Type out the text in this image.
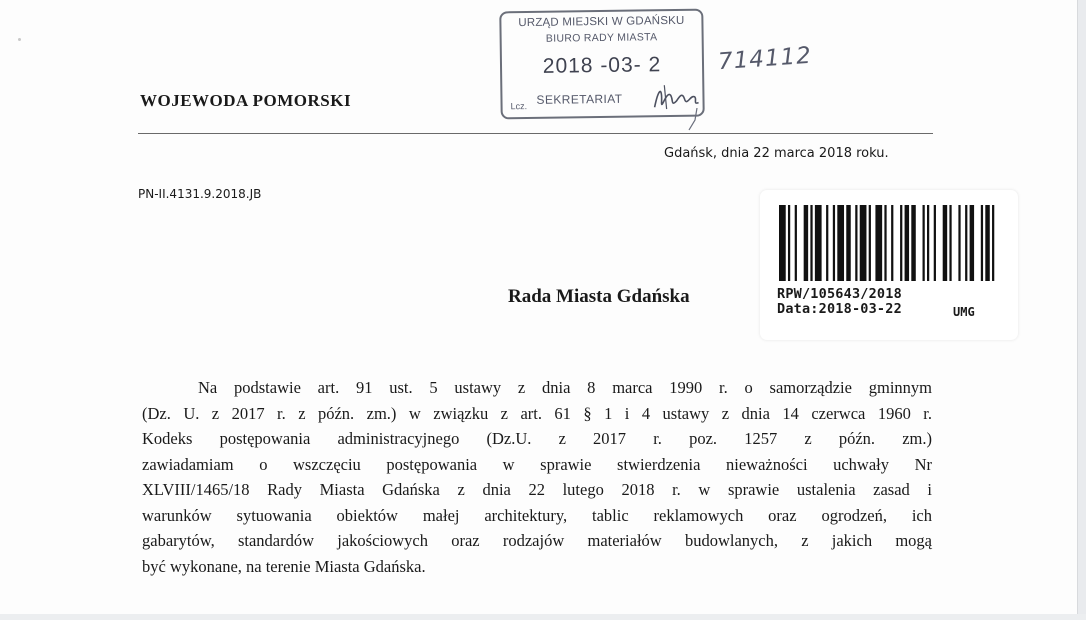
URZĄD MIEJSKI W GDAŃSKU
BIURO RADY MIASTA
2018 -03- 2
Lcz. SEKRETARIAT
714112
WOJEWODA POMORSKI
Gdańsk, dnia 22 marca 2018 roku.
PN-II.4131.9.2018.JB
RPW/105643/2018
Data:2018-03-22	UMG
Rada Miasta Gdańska
Na podstawie art. 91 ust. 5 ustawy z dnia 8 marca 1990 r. o samorządzie gminnym
(Dz. U. z 2017 r. z późn. zm.) w związku z art. 61 § 1 i 4 ustawy z dnia 14 czerwca 1960 r.
Kodeks postępowania administracyjnego (Dz.U. z 2017 r. poz. 1257 z późn. zm.)
zawiadamiam o wszczęciu postępowania w sprawie stwierdzenia nieważności uchwały Nr
XLVIII/1465/18 Rady Miasta Gdańska z dnia 22 lutego 2018 r. w sprawie ustalenia zasad i
warunków sytuowania obiektów małej architektury, tablic reklamowych oraz ogrodzeń, ich
gabarytów, standardów jakościowych oraz rodzajów materiałów budowlanych, z jakich mogą
być wykonane, na terenie Miasta Gdańska.
